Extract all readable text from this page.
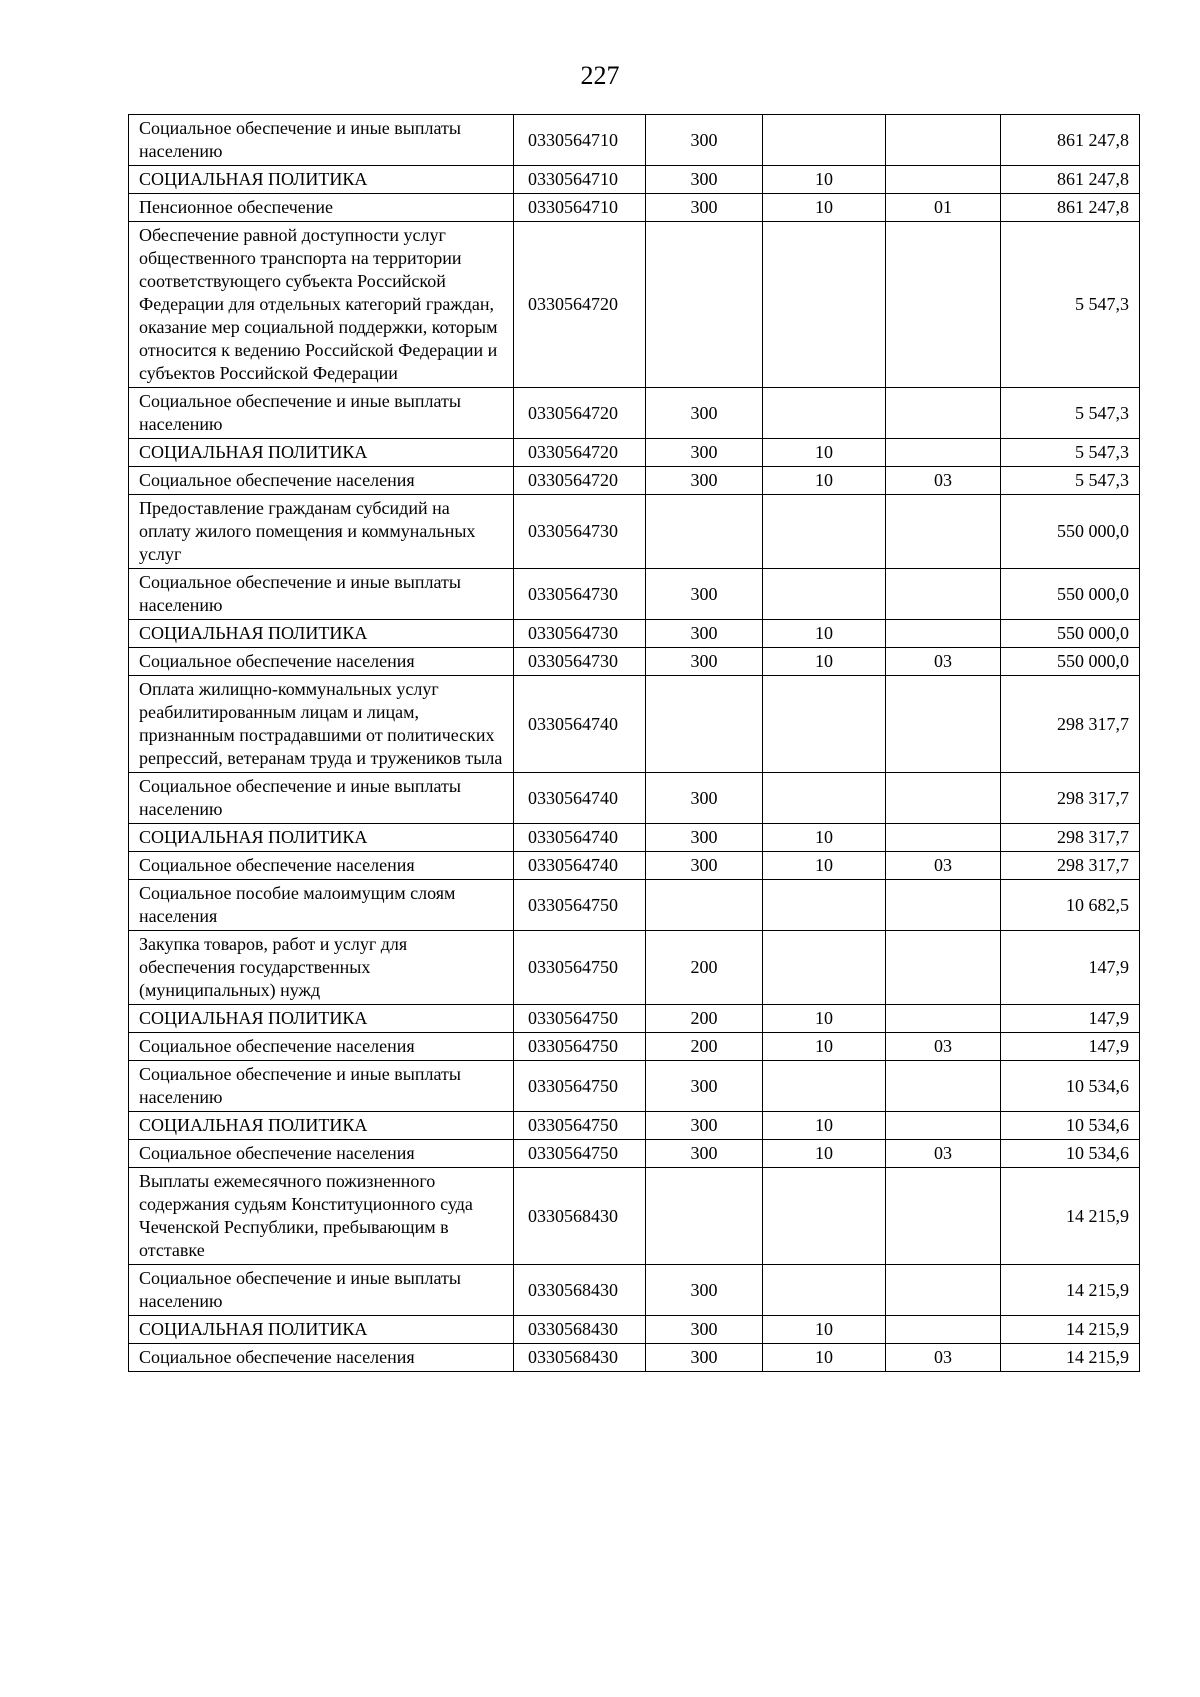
227
Социальное обеспечение и иные выплаты населению	0330564710	300			861 247,8
СОЦИАЛЬНАЯ ПОЛИТИКА	0330564710	300	10		861 247,8
Пенсионное обеспечение	0330564710	300	10	01	861 247,8
Обеспечение равной доступности услуг общественного транспорта на территории соответствующего субъекта Российской Федерации для отдельных категорий граждан, оказание мер социальной поддержки, которым относится к ведению Российской Федерации и субъектов Российской Федерации	0330564720				5 547,3
Социальное обеспечение и иные выплаты населению	0330564720	300			5 547,3
СОЦИАЛЬНАЯ ПОЛИТИКА	0330564720	300	10		5 547,3
Социальное обеспечение населения	0330564720	300	10	03	5 547,3
Предоставление гражданам субсидий на оплату жилого помещения и коммунальных услуг	0330564730				550 000,0
Социальное обеспечение и иные выплаты населению	0330564730	300			550 000,0
СОЦИАЛЬНАЯ ПОЛИТИКА	0330564730	300	10		550 000,0
Социальное обеспечение населения	0330564730	300	10	03	550 000,0
Оплата жилищно-коммунальных услуг реабилитированным лицам и лицам, признанным пострадавшими от политических репрессий, ветеранам труда и тружеников тыла	0330564740				298 317,7
Социальное обеспечение и иные выплаты населению	0330564740	300			298 317,7
СОЦИАЛЬНАЯ ПОЛИТИКА	0330564740	300	10		298 317,7
Социальное обеспечение населения	0330564740	300	10	03	298 317,7
Социальное пособие малоимущим слоям населения	0330564750				10 682,5
Закупка товаров, работ и услуг для обеспечения государственных (муниципальных) нужд	0330564750	200			147,9
СОЦИАЛЬНАЯ ПОЛИТИКА	0330564750	200	10		147,9
Социальное обеспечение населения	0330564750	200	10	03	147,9
Социальное обеспечение и иные выплаты населению	0330564750	300			10 534,6
СОЦИАЛЬНАЯ ПОЛИТИКА	0330564750	300	10		10 534,6
Социальное обеспечение населения	0330564750	300	10	03	10 534,6
Выплаты ежемесячного пожизненного содержания судьям Конституционного суда Чеченской Республики, пребывающим в отставке	0330568430				14 215,9
Социальное обеспечение и иные выплаты населению	0330568430	300			14 215,9
СОЦИАЛЬНАЯ ПОЛИТИКА	0330568430	300	10		14 215,9
Социальное обеспечение населения	0330568430	300	10	03	14 215,9
